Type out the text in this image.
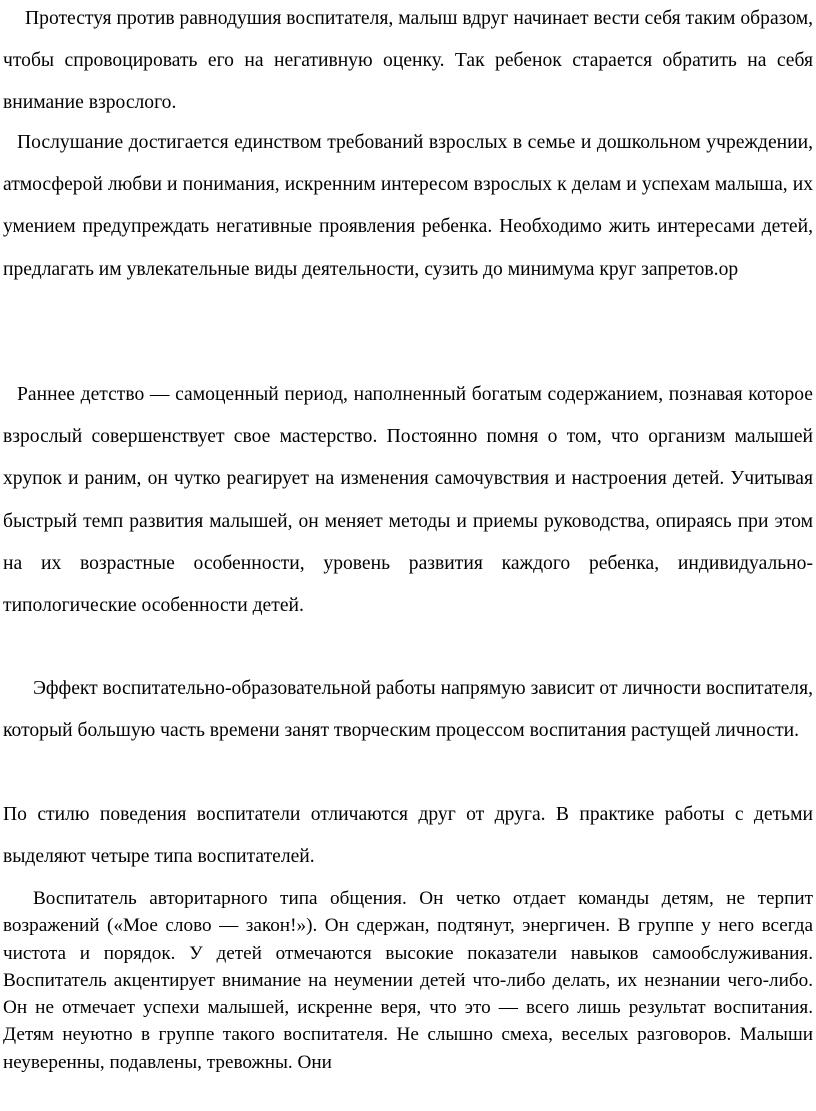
Протестуя против равнодушия воспитателя, малыш вдруг начинает вести себя таким образом, чтобы спровоцировать его на негативную оценку. Так ребенок старается обратить на себя внимание взрослого.

Послушание достигается единством требований взрослых в семье и дошкольном учреждении, атмосферой любви и понимания, искренним интересом взрослых к делам и успехам малыша, их умением предупреждать негативные проявления ребенка. Необходимо жить интересами детей, предлагать им увлекательные виды деятельности, сузить до минимума круг запретов.ор

Раннее детство — самоценный период, наполненный богатым содержанием, познавая которое взрослый совершенствует свое мастерство. Постоянно помня о том, что организм малышей хрупок и раним, он чутко реагирует на изменения самочувствия и настроения детей. Учитывая быстрый темп развития малышей, он меняет методы и приемы руководства, опираясь при этом на их возрастные особенности, уровень развития каждого ребенка, индивидуально-типологические особенности детей.

Эффект воспитательно-образовательной работы напрямую зависит от личности воспитателя, который большую часть времени занят творческим процессом воспитания растущей личности.

По стилю поведения воспитатели отличаются друг от друга. В практике работы с детьми выделяют четыре типа воспитателей.

Воспитатель авторитарного типа общения. Он четко отдает команды детям, не терпит возражений («Мое слово — закон!»). Он сдержан, подтянут, энергичен. В группе у него всегда чистота и порядок. У детей отмечаются высокие показатели навыков самообслуживания. Воспитатель акцентирует внимание на неумении детей что-либо делать, их незнании чего-либо. Он не отмечает успехи малышей, искренне веря, что это — всего лишь результат воспитания. Детям неуютно в группе такого воспитателя. Не слышно смеха, веселых разговоров. Малыши неуверенны, подавлены, тревожны. Они
